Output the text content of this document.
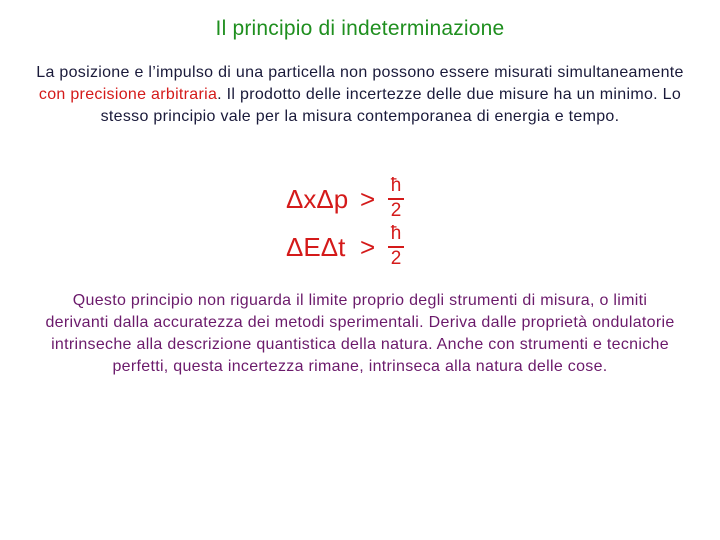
Il principio di indeterminazione
La posizione e l’impulso di una particella non possono essere misurati simultaneamente con precisione arbitraria. Il prodotto delle incertezze delle due misure ha un minimo. Lo stesso principio vale per la misura contemporanea di energia e tempo.
ΔxΔp > ħ
2
ΔEΔt > ħ
2
Questo principio non riguarda il limite proprio degli strumenti di misura, o limiti derivanti dalla accuratezza dei metodi sperimentali. Deriva dalle proprietà ondulatorie intrinseche alla descrizione quantistica della natura. Anche con strumenti e tecniche perfetti, questa incertezza rimane, intrinseca alla natura delle cose.
